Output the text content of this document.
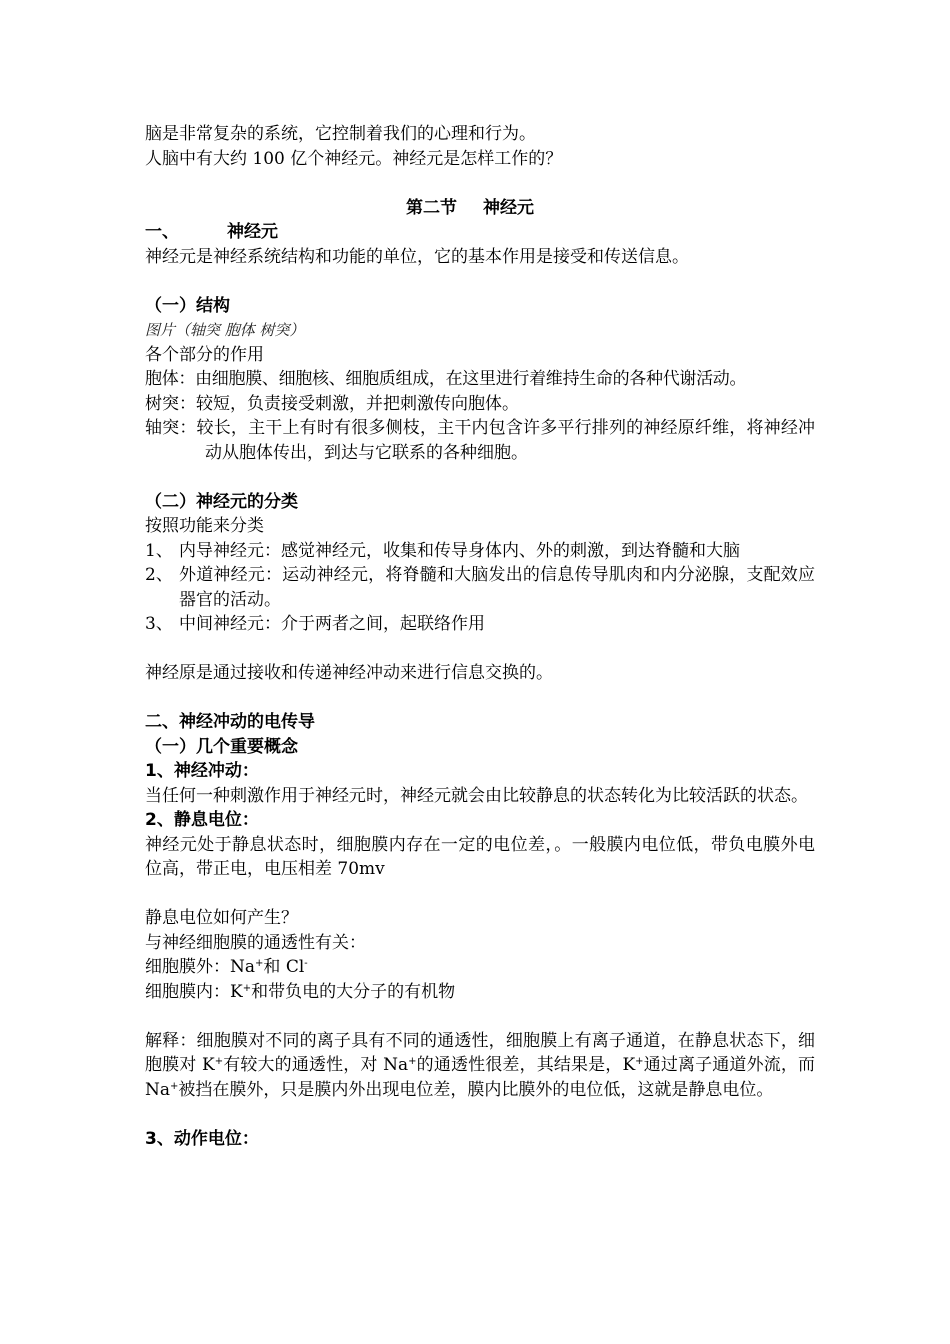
脑是非常复杂的系统，它控制着我们的心理和行为。
人脑中有大约 100 亿个神经元。神经元是怎样工作的？
第二节 神经元
一、	神经元
神经元是神经系统结构和功能的单位，它的基本作用是接受和传送信息。
（一）结构
图片（轴突 胞体 树突）
各个部分的作用
胞体：由细胞膜、细胞核、细胞质组成，在这里进行着维持生命的各种代谢活动。
树突：较短，负责接受刺激，并把刺激传向胞体。
轴突：较长，主干上有时有很多侧枝，主干内包含许多平行排列的神经原纤维，将神经冲动从胞体传出，到达与它联系的各种细胞。
（二）神经元的分类
按照功能来分类
1、 内导神经元：感觉神经元，收集和传导身体内、外的刺激，到达脊髓和大脑
2、 外道神经元：运动神经元，将脊髓和大脑发出的信息传导肌肉和内分泌腺，支配效应器官的活动。
3、 中间神经元：介于两者之间，起联络作用
神经原是通过接收和传递神经冲动来进行信息交换的。
二、神经冲动的电传导
（一）几个重要概念
1、神经冲动：
当任何一种刺激作用于神经元时，神经元就会由比较静息的状态转化为比较活跃的状态。
2、静息电位：
神经元处于静息状态时，细胞膜内存在一定的电位差，。一般膜内电位低，带负电膜外电位高，带正电，电压相差 70mv
静息电位如何产生？
与神经细胞膜的通透性有关：
细胞膜外：Na+和 Cl-
细胞膜内：K+和带负电的大分子的有机物
解释：细胞膜对不同的离子具有不同的通透性，细胞膜上有离子通道，在静息状态下，细胞膜对 K+有较大的通透性，对 Na+的通透性很差，其结果是，K+通过离子通道外流，而 Na+被挡在膜外，只是膜内外出现电位差，膜内比膜外的电位低，这就是静息电位。
3、动作电位：
